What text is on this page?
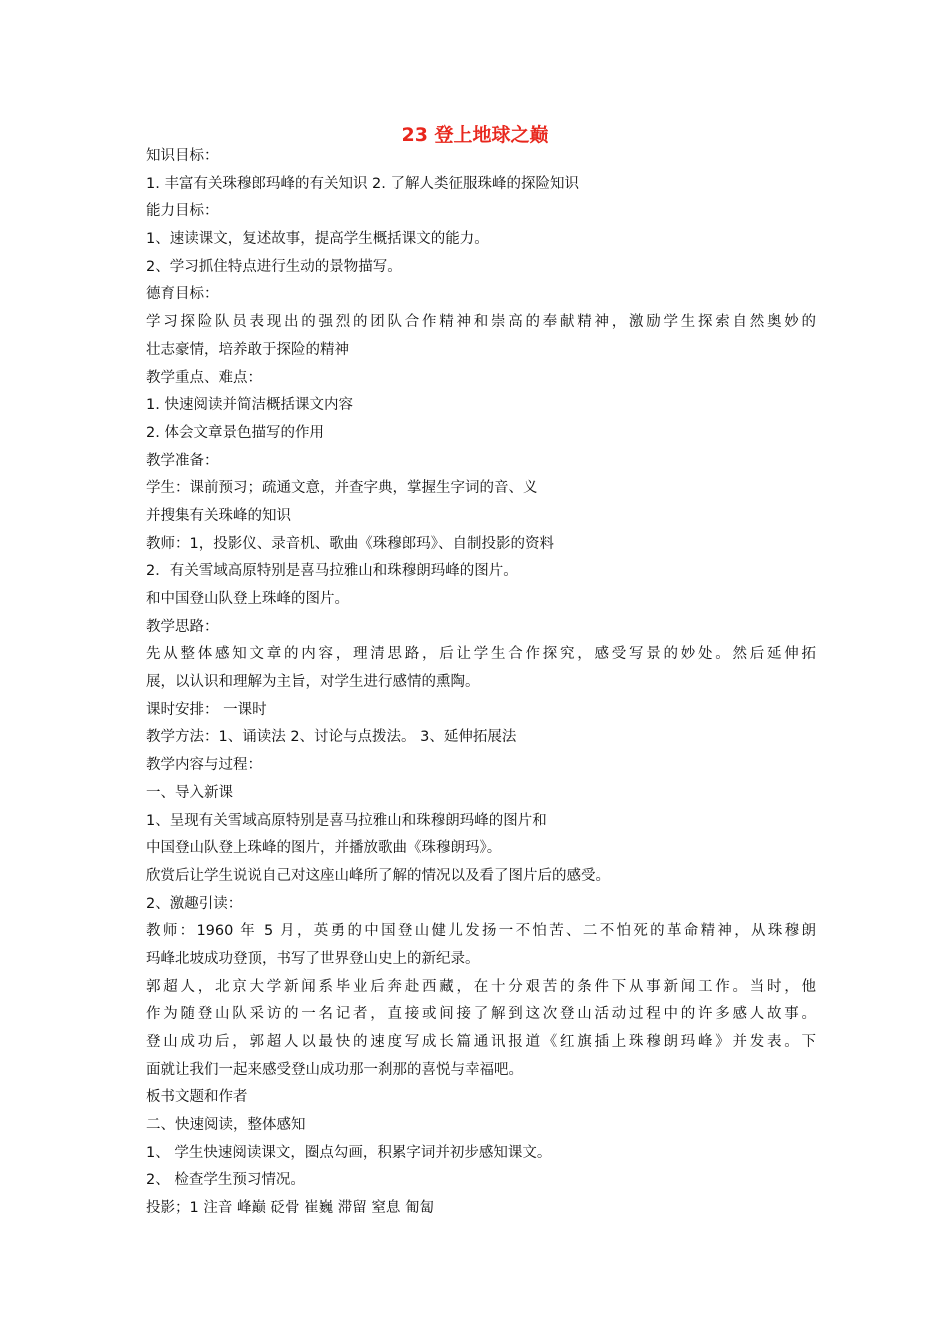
23 登上地球之巅
知识目标：
1. 丰富有关珠穆郎玛峰的有关知识 2. 了解人类征服珠峰的探险知识
能力目标：
1、速读课文，复述故事，提高学生概括课文的能力。
2、学习抓住特点进行生动的景物描写。
德育目标：
学习探险队员表现出的强烈的团队合作精神和崇高的奉献精神，激励学生探索自然奥妙的
壮志豪情，培养敢于探险的精神
教学重点、难点：
1. 快速阅读并简洁概括课文内容
2. 体会文章景色描写的作用
教学准备：
学生：课前预习；疏通文意，并查字典，掌握生字词的音、义
并搜集有关珠峰的知识
教师：1，投影仪、录音机、歌曲《珠穆郎玛》、自制投影的资料
2．有关雪域高原特别是喜马拉雅山和珠穆朗玛峰的图片。
和中国登山队登上珠峰的图片。
教学思路：
先从整体感知文章的内容，理清思路，后让学生合作探究，感受写景的妙处。然后延伸拓
展，以认识和理解为主旨，对学生进行感情的熏陶。
课时安排： 一课时
教学方法：1、诵读法 2、讨论与点拨法。 3、延伸拓展法
教学内容与过程：
一、导入新课
1、呈现有关雪域高原特别是喜马拉雅山和珠穆朗玛峰的图片和
中国登山队登上珠峰的图片，并播放歌曲《珠穆朗玛》。
欣赏后让学生说说自己对这座山峰所了解的情况以及看了图片后的感受。
2、激趣引读：
教师：1960 年 5 月，英勇的中国登山健儿发扬一不怕苦、二不怕死的革命精神，从珠穆朗
玛峰北坡成功登顶，书写了世界登山史上的新纪录。
郭超人，北京大学新闻系毕业后奔赴西藏，在十分艰苦的条件下从事新闻工作。当时，他
作为随登山队采访的一名记者，直接或间接了解到这次登山活动过程中的许多感人故事。
登山成功后，郭超人以最快的速度写成长篇通讯报道《红旗插上珠穆朗玛峰》并发表。下
面就让我们一起来感受登山成功那一刹那的喜悦与幸福吧。
板书文题和作者
二、快速阅读，整体感知
1、 学生快速阅读课文，圈点勾画，积累字词并初步感知课文。
2、 检查学生预习情况。
投影；1 注音 峰巅 砭骨 崔巍 滞留 窒息 匍匐
